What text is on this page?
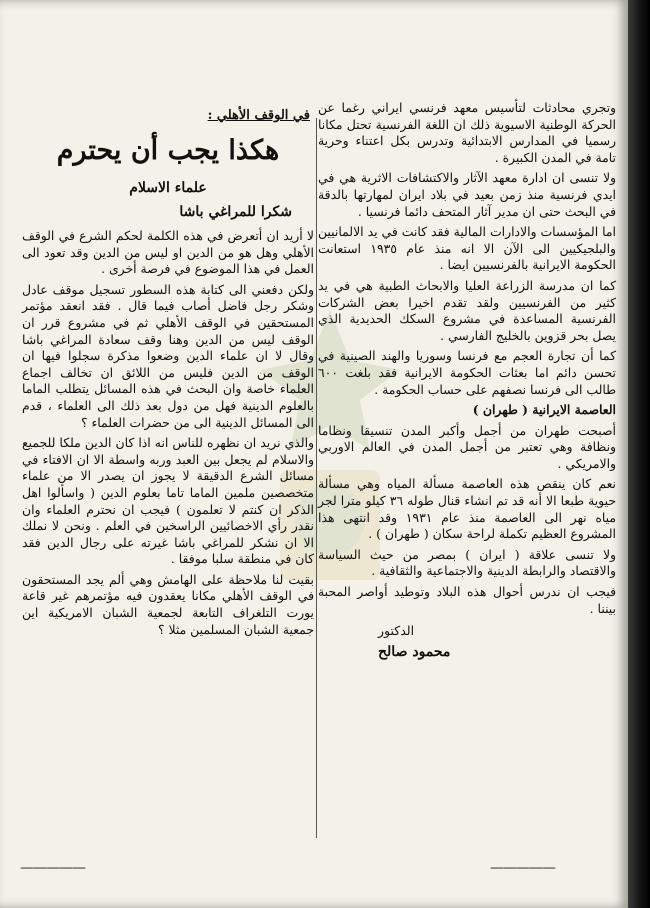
وتجري محادثات لتأسيس معهد فرنسي ايراني رغما عن الحركة الوطنية الاسيوية ذلك ان اللغة الفرنسية تحتل مكانا رسميا في المدارس الابتدائية وتدرس بكل اعتناء وحرية تامة في المدن الكبيرة .

ولا تنسى ان ادارة معهد الآثار والاكتشافات الاثرية هي في ايدي فرنسية منذ زمن بعيد في بلاد ايران لمهارتها بالدقة في البحث حتى ان مدير آثار المتحف دائما فرنسيا .

اما المؤسسات والادارات المالية فقد كانت في يد الالمانيين والبلجيكيين الى الآن الا انه منذ عام ١٩٣٥ استعانت الحكومة الايرانية بالفرنسيين ايضا .

كما ان مدرسة الزراعة العليا والابحاث الطبية هي في يد كثير من الفرنسيين ولقد تقدم اخيرا بعض الشركات الفرنسية المساعدة في مشروع السكك الحديدية الذي يصل بحر قزوين بالخليج الفارسي .

كما أن تجارة العجم مع فرنسا وسوريا والهند الصينية في تحسن دائم اما بعثات الحكومة الايرانية فقد بلغت ٦٠٠ طالب الى فرنسا نصفهم على حساب الحكومة .

العاصمة الايرانية ( طهران )

أصبحت طهران من أجمل وأكبر المدن تنسيقا ونظاما ونظافة وهي تعتبر من أجمل المدن في العالم الاوربي والامريكي .

نعم كان ينقص هذه العاصمة مسألة المياه وهي مسألة حيوية طبعا الا أنه قد تم انشاء قنال طوله ٣٦ كيلو مترا لجر مياه نهر الى العاصمة منذ عام ١٩٣١ وقد انتهى هذا المشروع العظيم تكملة لراحة سكان ( طهران ) .

ولا تنسى علاقة ( ايران ) بمصر من حيث السياسة والاقتصاد والرابطة الدينية والاجتماعية والثقافية .

فيجب ان ندرس أحوال هذه البلاد وتوطيد أواصر المحبة بيننا .

الدكتور

محمود صالح

في الوقف الأهلي :
هكذا يجب أن يحترم
علماء الاسلام
شكرا للمراغي باشا

لا أريد ان أتعرض في هذه الكلمة لحكم الشرع في الوقف الأهلي وهل هو من الدين او ليس من الدين وقد تعود الى العمل في هذا الموضوع في فرصة أخرى .

ولكن دفعني الى كتابة هذه السطور تسجيل موقف عادل وشكر رجل فاضل أصاب فيما قال . فقد انعقد مؤتمر المستحقين في الوقف الأهلي ثم في مشروع قرر ان الوقف ليس من الدين وهنا وقف سعادة المراغي باشا وقال لا ان علماء الدين وضعوا مذكرة سجلوا فيها ان الوقف من الدين فليس من اللائق ان تخالف اجماع العلماء خاصة وان البحث في هذه المسائل يتطلب الماما بالعلوم الدينية فهل من دول بعد ذلك الى العلماء ، قدم الى المسائل الدينية الى من حضرات العلماء ؟

والذي نريد ان نظهره للناس انه اذا كان الدين ملكا للجميع والاسلام لم يجعل بين العبد وربه واسطة الا ان الافتاء في مسائل الشرع الدقيقة لا يجوز ان يصدر الا من علماء متخصصين ملمين الماما تاما بعلوم الدين ( واسألوا اهل الذكر ان كنتم لا تعلمون ) فيجب ان نحترم العلماء وان نقدر رأي الاخصائيين الراسخين في العلم . ونحن لا نملك الا ان نشكر للمراغي باشا غيرته على رجال الدين فقد كان في منطقة سلبا موفقا .

بقيت لنا ملاحظة على الهامش وهي ألم يجد المستحقون في الوقف الأهلي مكانا يعقدون فيه مؤتمرهم غير قاعة يورت التلغراف التابعة لجمعية الشبان الامريكية اين جمعية الشبان المسلمين مثلا ؟

—————	—————
